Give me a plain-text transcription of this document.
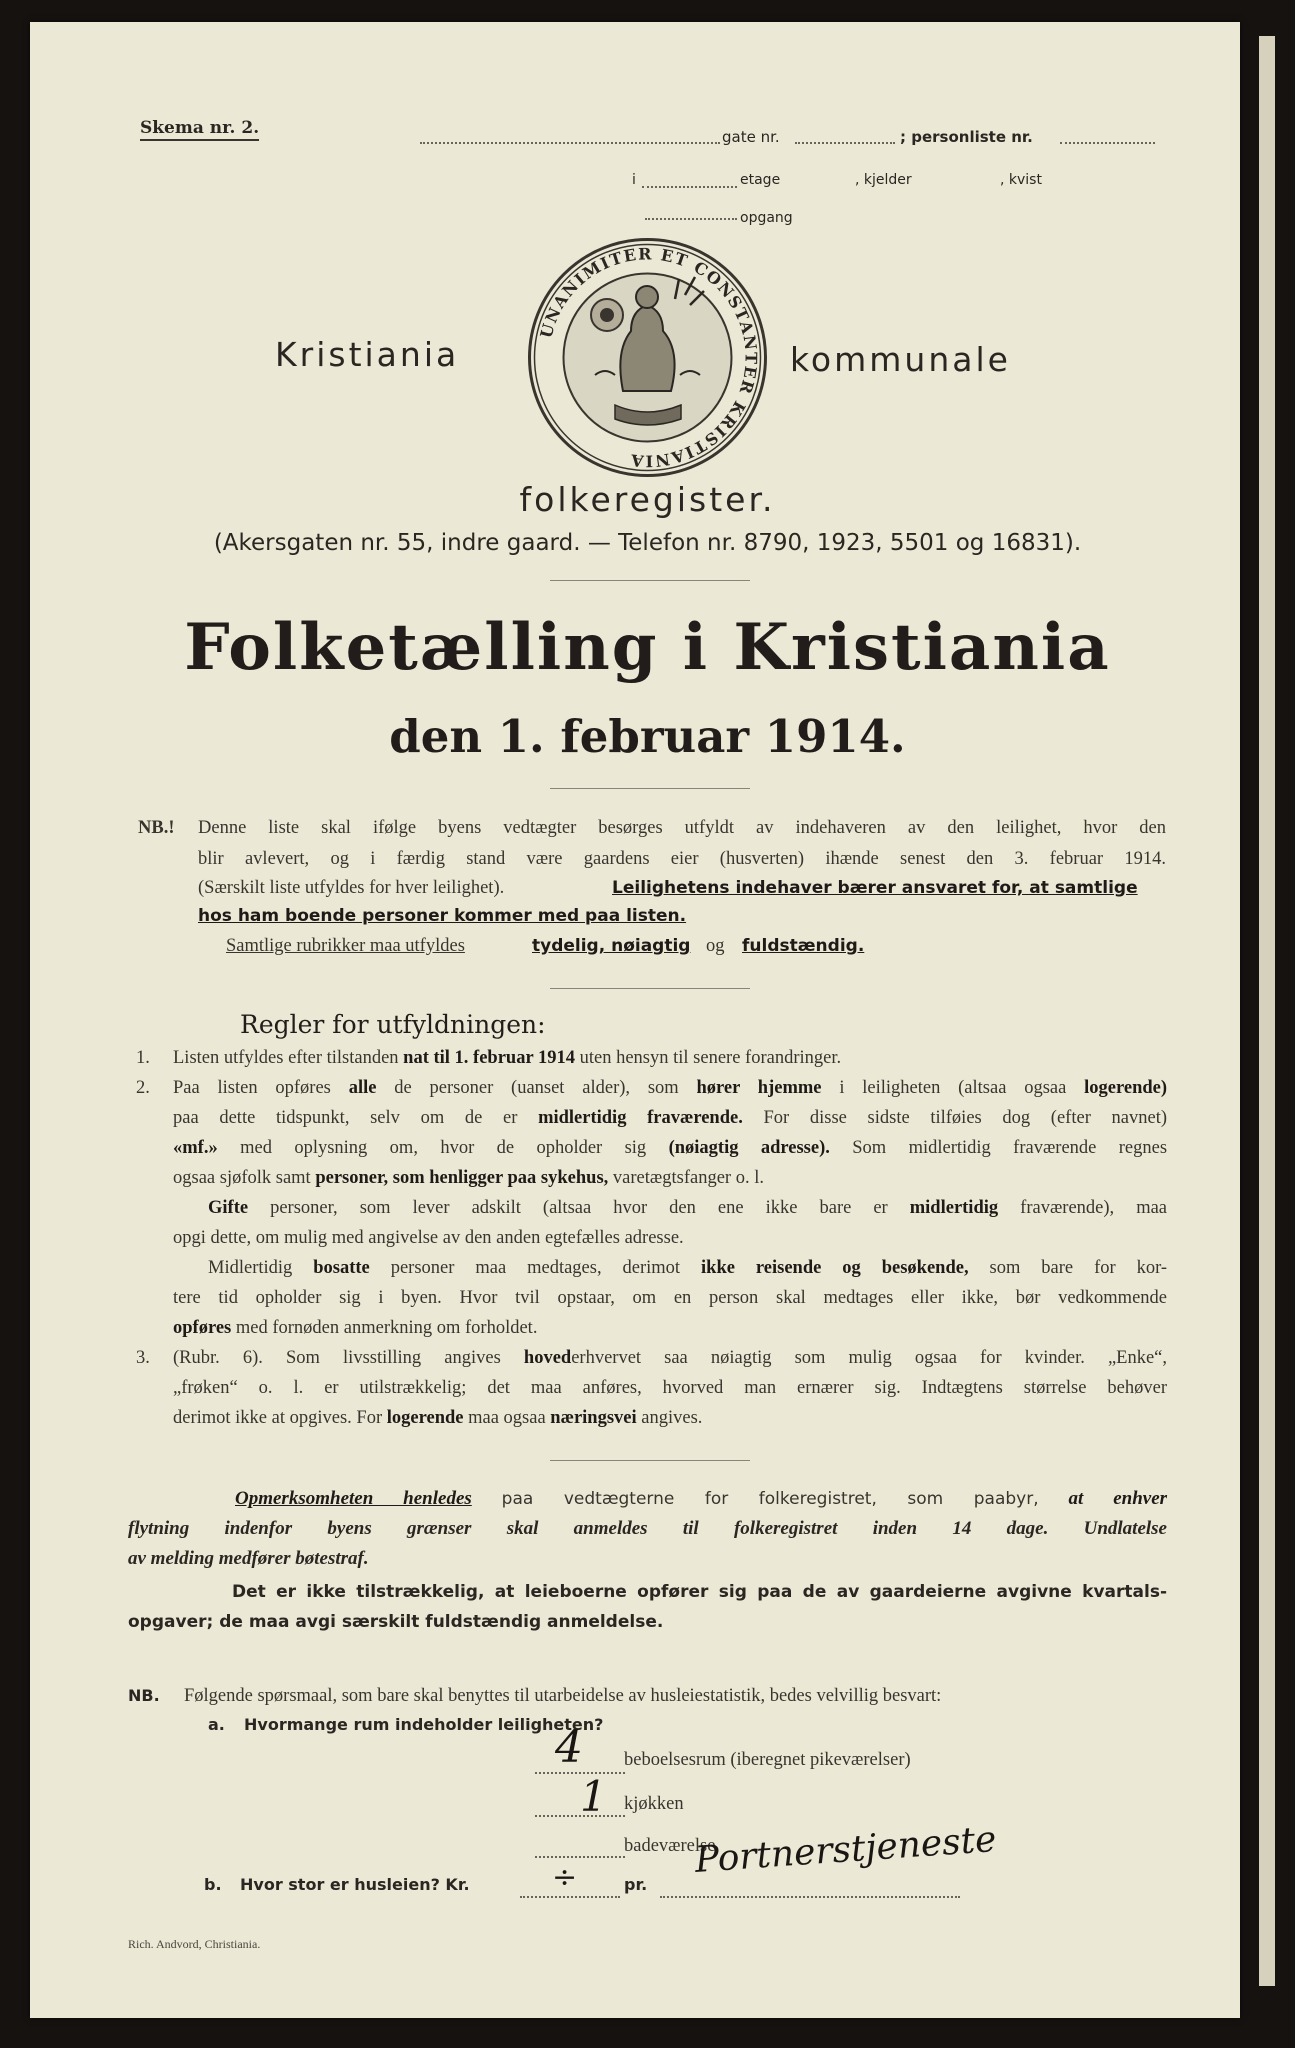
Skema nr. 2.	gate nr.	; personliste nr.
i	etage
opgang
, kjelder	, kvist
UNANIMITER ET CONSTANTER KRISTIANIA
Kristiania	kommunale
folkeregister.
(Akersgaten nr. 55, indre gaard. — Telefon nr. 8790, 1923, 5501 og 16831).
Folketælling i Kristiania
den 1. februar 1914.
NB.! Denne liste skal ifølge byens vedtægter besørges utfyldt av indehaveren av den leilighet, hvor den
blir avlevert, og i færdig stand være gaardens eier (husverten) ihænde senest den 3. februar 1914.
(Særskilt liste utfyldes for hver leilighet).	Leilighetens indehaver bærer ansvaret for, at samtlige
hos ham boende personer kommer med paa listen.
Samtlige rubrikker maa utfyldes	tydelig, nøiagtig og fuldstændig.
Regler for utfyldningen:
1. Listen utfyldes efter tilstanden nat til 1. februar 1914 uten hensyn til senere forandringer.
2. Paa listen opføres alle de personer (uanset alder), som hører hjemme i leiligheten (altsaa ogsaa logerende)
paa dette tidspunkt, selv om de er midlertidig fraværende. For disse sidste tilføies dog (efter navnet)
«mf.» med oplysning om, hvor de opholder sig (nøiagtig adresse). Som midlertidig fraværende regnes
ogsaa sjøfolk samt personer, som henligger paa sykehus, varetægtsfanger o. l.
Gifte personer, som lever adskilt (altsaa hvor den ene ikke bare er midlertidig fraværende), maa
opgi dette, om mulig med angivelse av den anden egtefælles adresse.
Midlertidig bosatte personer maa medtages, derimot ikke reisende og besøkende, som bare for kor-
tere tid opholder sig i byen. Hvor tvil opstaar, om en person skal medtages eller ikke, bør vedkommende
opføres med fornøden anmerkning om forholdet.
3. (Rubr. 6). Som livsstilling angives hovederhvervet saa nøiagtig som mulig ogsaa for kvinder. „Enke“,
„frøken“ o. l. er utilstrækkelig; det maa anføres, hvorved man ernærer sig. Indtægtens størrelse behøver
derimot ikke at opgives. For logerende maa ogsaa næringsvei angives.
Opmerksomheten henledes paa vedtægterne for folkeregistret, som paabyr, at enhver
flytning indenfor byens grænser skal anmeldes til folkeregistret inden 14 dage. Undlatelse
av melding medfører bøtestraf.
Det er ikke tilstrækkelig, at leieboerne opfører sig paa de av gaardeierne avgivne kvartals-
opgaver; de maa avgi særskilt fuldstændig anmeldelse.
NB. Følgende spørsmaal, som bare skal benyttes til utarbeidelse av husleiestatistik, bedes velvillig besvart:
a. Hvormange rum indeholder leiligheten?
4 beboelsesrum (iberegnet pikeværelser)
1 kjøkken
badeværelse
b. Hvor stor er husleien? Kr.	÷	pr.
Portnerstjeneste
Rich. Andvord, Christiania.
